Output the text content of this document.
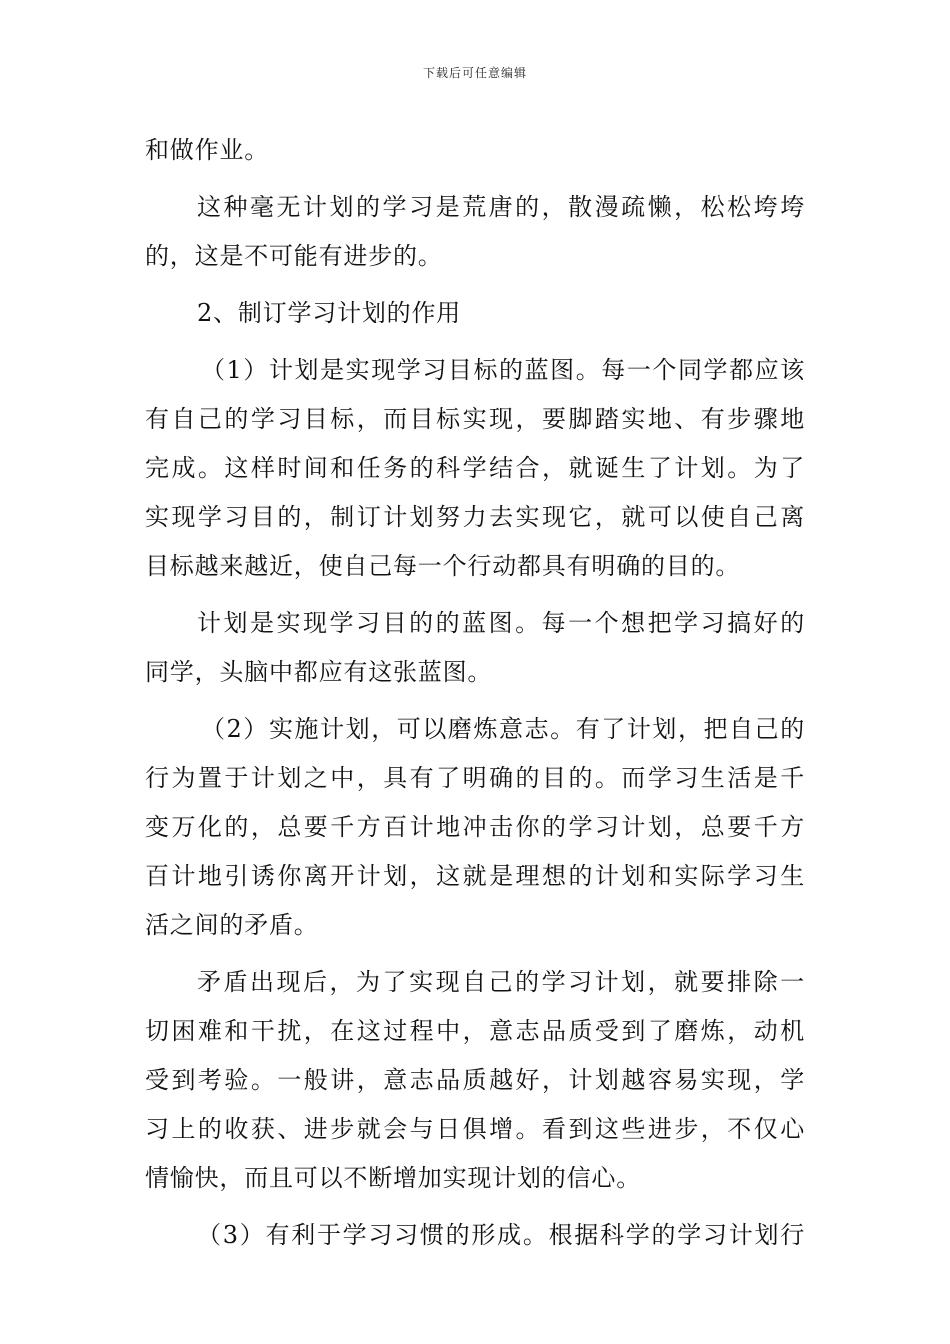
下载后可任意编辑
和做作业。
这种毫无计划的学习是荒唐的，散漫疏懒，松松垮垮
的，这是不可能有进步的。
2、制订学习计划的作用
（1）计划是实现学习目标的蓝图。每一个同学都应该
有自己的学习目标，而目标实现，要脚踏实地、有步骤地
完成。这样时间和任务的科学结合，就诞生了计划。为了
实现学习目的，制订计划努力去实现它，就可以使自己离
目标越来越近，使自己每一个行动都具有明确的目的。
计划是实现学习目的的蓝图。每一个想把学习搞好的
同学，头脑中都应有这张蓝图。
（2）实施计划，可以磨炼意志。有了计划，把自己的
行为置于计划之中，具有了明确的目的。而学习生活是千
变万化的，总要千方百计地冲击你的学习计划，总要千方
百计地引诱你离开计划，这就是理想的计划和实际学习生
活之间的矛盾。
矛盾出现后，为了实现自己的学习计划，就要排除一
切困难和干扰，在这过程中，意志品质受到了磨炼，动机
受到考验。一般讲，意志品质越好，计划越容易实现，学
习上的收获、进步就会与日俱增。看到这些进步，不仅心
情愉快，而且可以不断增加实现计划的信心。
（3）有利于学习习惯的形成。根据科学的学习计划行
